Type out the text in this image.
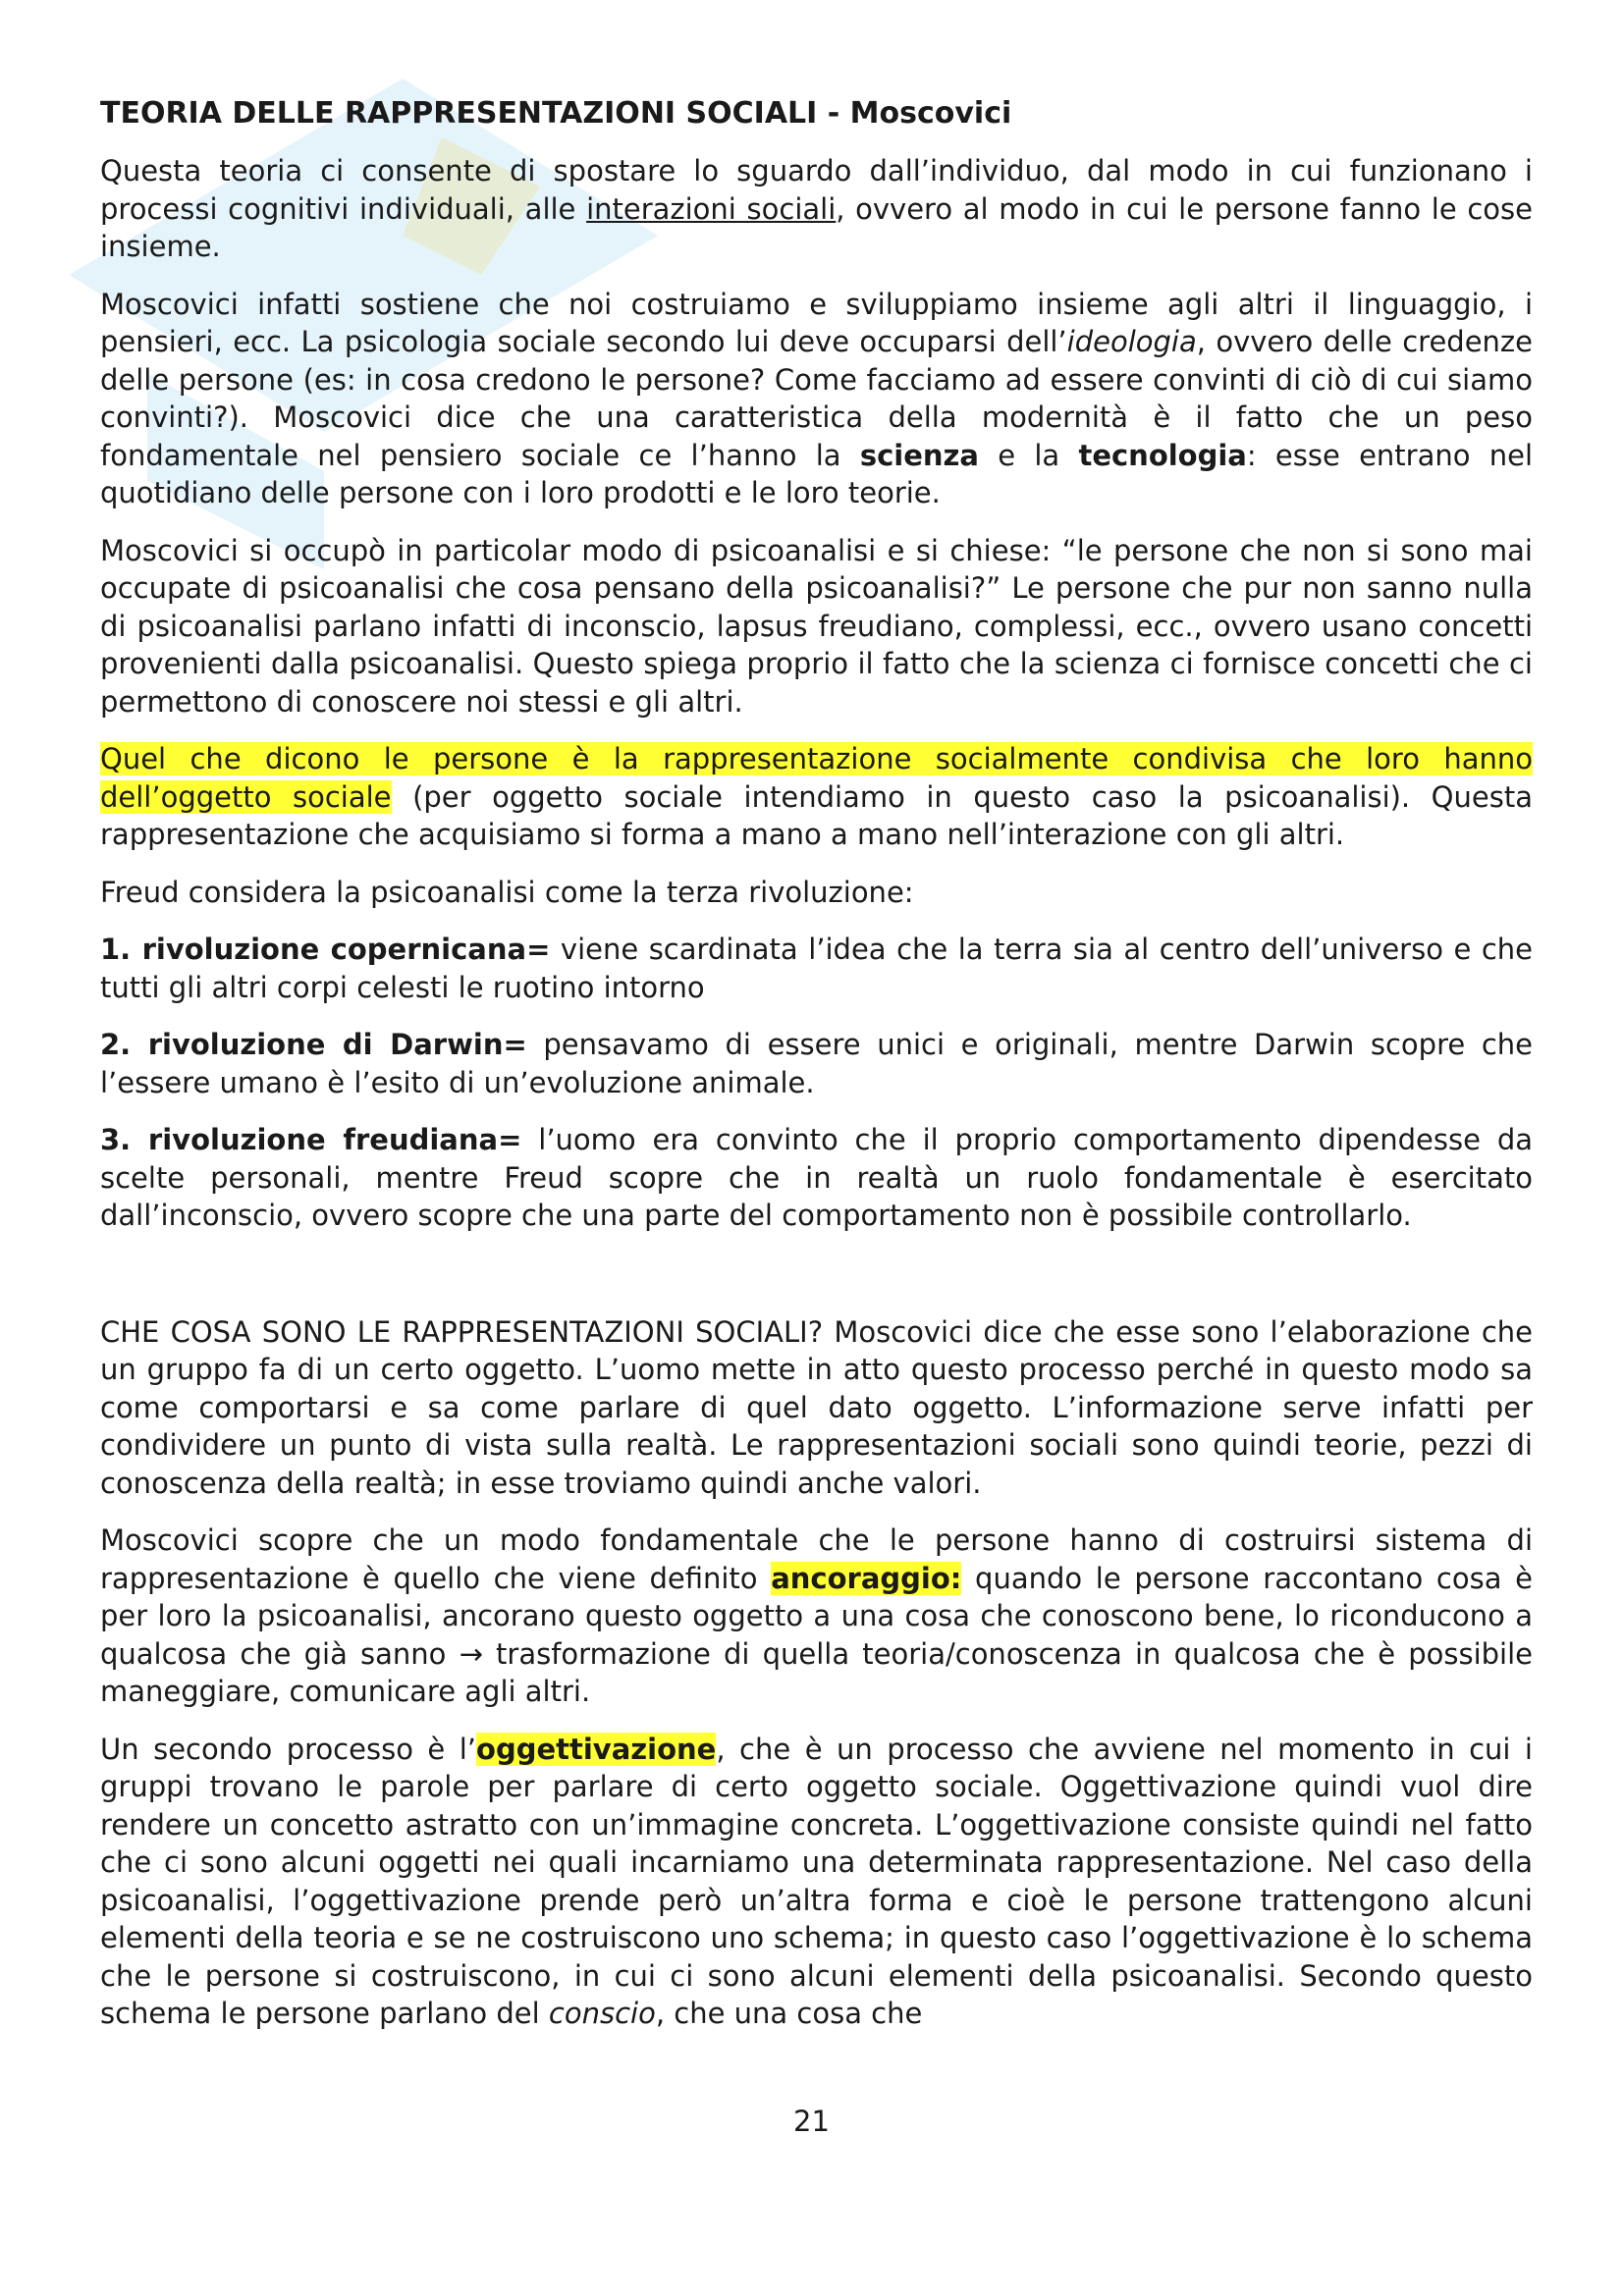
TEORIA DELLE RAPPRESENTAZIONI SOCIALI - Moscovici

Questa teoria ci consente di spostare lo sguardo dall’individuo, dal modo in cui funzionano i processi cognitivi individuali, alle interazioni sociali, ovvero al modo in cui le persone fanno le cose insieme.

Moscovici infatti sostiene che noi costruiamo e sviluppiamo insieme agli altri il linguaggio, i pensieri, ecc. La psicologia sociale secondo lui deve occuparsi dell’ideologia, ovvero delle credenze delle persone (es: in cosa credono le persone? Come facciamo ad essere convinti di ciò di cui siamo convinti?). Moscovici dice che una caratteristica della modernità è il fatto che un peso fondamentale nel pensiero sociale ce l’hanno la scienza e la tecnologia: esse entrano nel quotidiano delle persone con i loro prodotti e le loro teorie.

Moscovici si occupò in particolar modo di psicoanalisi e si chiese: “le persone che non si sono mai occupate di psicoanalisi che cosa pensano della psicoanalisi?” Le persone che pur non sanno nulla di psicoanalisi parlano infatti di inconscio, lapsus freudiano, complessi, ecc., ovvero usano concetti provenienti dalla psicoanalisi. Questo spiega proprio il fatto che la scienza ci fornisce concetti che ci permettono di conoscere noi stessi e gli altri.

Quel che dicono le persone è la rappresentazione socialmente condivisa che loro hanno dell’oggetto sociale (per oggetto sociale intendiamo in questo caso la psicoanalisi). Questa rappresentazione che acquisiamo si forma a mano a mano nell’interazione con gli altri.

Freud considera la psicoanalisi come la terza rivoluzione:

1. rivoluzione copernicana= viene scardinata l’idea che la terra sia al centro dell’universo e che tutti gli altri corpi celesti le ruotino intorno

2. rivoluzione di Darwin= pensavamo di essere unici e originali, mentre Darwin scopre che l’essere umano è l’esito di un’evoluzione animale.

3. rivoluzione freudiana= l’uomo era convinto che il proprio comportamento dipendesse da scelte personali, mentre Freud scopre che in realtà un ruolo fondamentale è esercitato dall’inconscio, ovvero scopre che una parte del comportamento non è possibile controllarlo.

CHE COSA SONO LE RAPPRESENTAZIONI SOCIALI? Moscovici dice che esse sono l’elaborazione che un gruppo fa di un certo oggetto. L’uomo mette in atto questo processo perché in questo modo sa come comportarsi e sa come parlare di quel dato oggetto. L’informazione serve infatti per condividere un punto di vista sulla realtà. Le rappresentazioni sociali sono quindi teorie, pezzi di conoscenza della realtà; in esse troviamo quindi anche valori.

Moscovici scopre che un modo fondamentale che le persone hanno di costruirsi sistema di rappresentazione è quello che viene definito ancoraggio: quando le persone raccontano cosa è per loro la psicoanalisi, ancorano questo oggetto a una cosa che conoscono bene, lo riconducono a qualcosa che già sanno → trasformazione di quella teoria/conoscenza in qualcosa che è possibile maneggiare, comunicare agli altri.

Un secondo processo è l’oggettivazione, che è un processo che avviene nel momento in cui i gruppi trovano le parole per parlare di certo oggetto sociale. Oggettivazione quindi vuol dire rendere un concetto astratto con un’immagine concreta. L’oggettivazione consiste quindi nel fatto che ci sono alcuni oggetti nei quali incarniamo una determinata rappresentazione. Nel caso della psicoanalisi, l’oggettivazione prende però un’altra forma e cioè le persone trattengono alcuni elementi della teoria e se ne costruiscono uno schema; in questo caso l’oggettivazione è lo schema che le persone si costruiscono, in cui ci sono alcuni elementi della psicoanalisi. Secondo questo schema le persone parlano del conscio, che una cosa che

21
